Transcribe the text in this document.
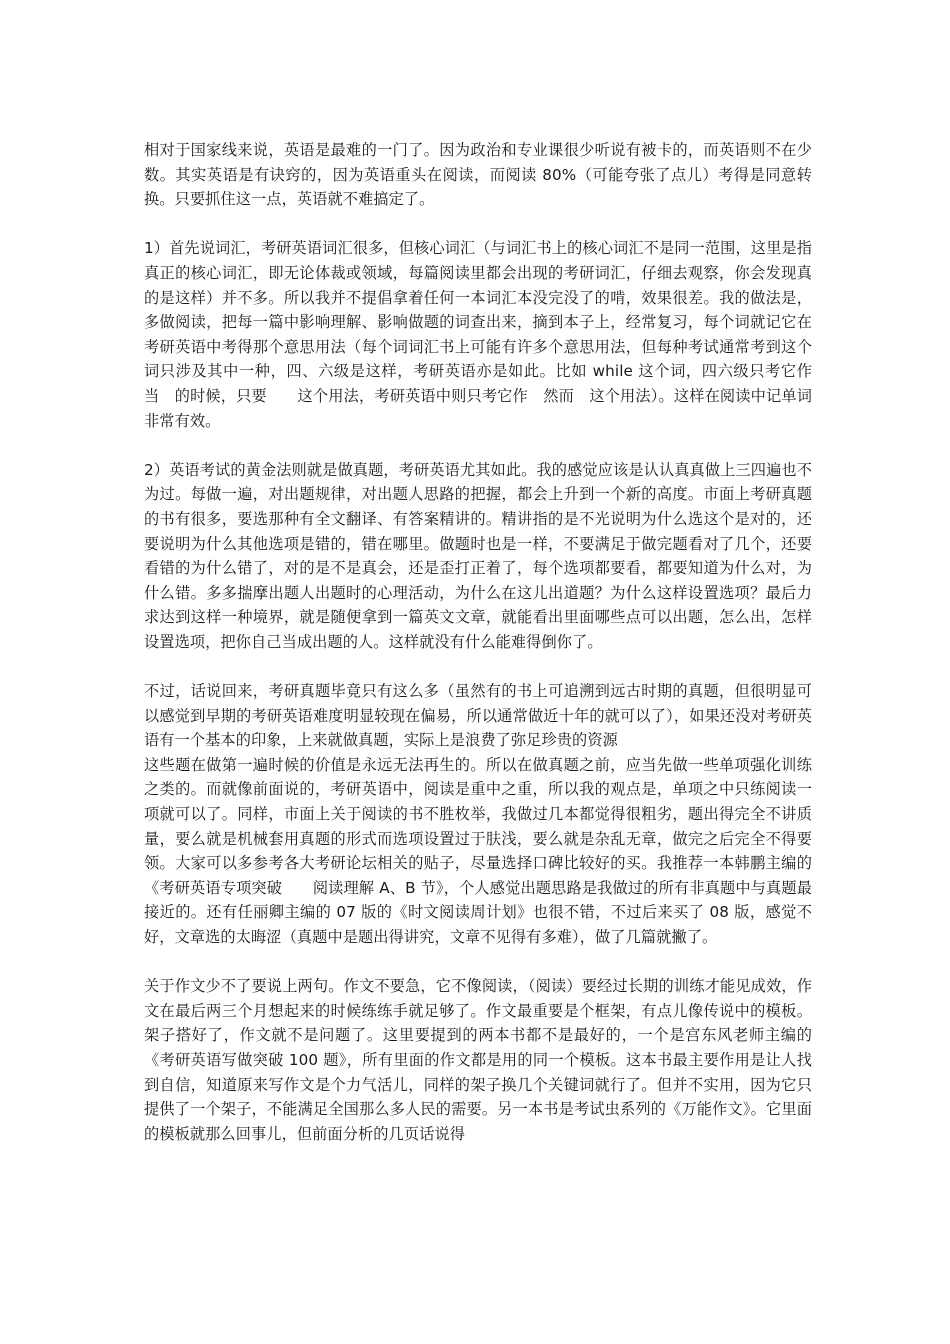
相对于国家线来说，英语是最难的一门了。因为政治和专业课很少听说有被卡的，而英语则不在少数。其实英语是有诀窍的，因为英语重头在阅读，而阅读 80%（可能夸张了点儿）考得是同意转换。只要抓住这一点，英语就不难搞定了。

1）首先说词汇，考研英语词汇很多，但核心词汇（与词汇书上的核心词汇不是同一范围，这里是指真正的核心词汇，即无论体裁或领域，每篇阅读里都会出现的考研词汇，仔细去观察，你会发现真的是这样）并不多。所以我并不提倡拿着任何一本词汇本没完没了的啃，效果很差。我的做法是，多做阅读，把每一篇中影响理解、影响做题的词查出来，摘到本子上，经常复习，每个词就记它在考研英语中考得那个意思用法（每个词词汇书上可能有许多个意思用法，但每种考试通常考到这个词只涉及其中一种，四、六级是这样，考研英语亦是如此。比如 while 这个词，四六级只考它作　当　的时候，只要　　这个用法，考研英语中则只考它作　然而　这个用法）。这样在阅读中记单词非常有效。

2）英语考试的黄金法则就是做真题，考研英语尤其如此。我的感觉应该是认认真真做上三四遍也不为过。每做一遍，对出题规律，对出题人思路的把握，都会上升到一个新的高度。市面上考研真题的书有很多，要选那种有全文翻译、有答案精讲的。精讲指的是不光说明为什么选这个是对的，还要说明为什么其他选项是错的，错在哪里。做题时也是一样，不要满足于做完题看对了几个，还要看错的为什么错了，对的是不是真会，还是歪打正着了，每个选项都要看，都要知道为什么对，为什么错。多多揣摩出题人出题时的心理活动，为什么在这儿出道题？为什么这样设置选项？最后力求达到这样一种境界，就是随便拿到一篇英文文章，就能看出里面哪些点可以出题，怎么出，怎样设置选项，把你自己当成出题的人。这样就没有什么能难得倒你了。

不过，话说回来，考研真题毕竟只有这么多（虽然有的书上可追溯到远古时期的真题，但很明显可以感觉到早期的考研英语难度明显较现在偏易，所以通常做近十年的就可以了），如果还没对考研英语有一个基本的印象，上来就做真题，实际上是浪费了弥足珍贵的资源

这些题在做第一遍时候的价值是永远无法再生的。所以在做真题之前，应当先做一些单项强化训练之类的。而就像前面说的，考研英语中，阅读是重中之重，所以我的观点是，单项之中只练阅读一项就可以了。同样，市面上关于阅读的书不胜枚举，我做过几本都觉得很粗劣，题出得完全不讲质量，要么就是机械套用真题的形式而选项设置过于肤浅，要么就是杂乱无章，做完之后完全不得要领。大家可以多参考各大考研论坛相关的贴子，尽量选择口碑比较好的买。我推荐一本韩鹏主编的《考研英语专项突破　　阅读理解 A、B 节》，个人感觉出题思路是我做过的所有非真题中与真题最接近的。还有任丽卿主编的 07 版的《时文阅读周计划》也很不错，不过后来买了 08 版，感觉不好，文章选的太晦涩（真题中是题出得讲究，文章不见得有多难），做了几篇就撇了。

关于作文少不了要说上两句。作文不要急，它不像阅读，（阅读）要经过长期的训练才能见成效，作文在最后两三个月想起来的时候练练手就足够了。作文最重要是个框架，有点儿像传说中的模板。架子搭好了，作文就不是问题了。这里要提到的两本书都不是最好的，一个是宫东风老师主编的《考研英语写做突破 100 题》，所有里面的作文都是用的同一个模板。这本书最主要作用是让人找到自信，知道原来写作文是个力气活儿，同样的架子换几个关键词就行了。但并不实用，因为它只提供了一个架子，不能满足全国那么多人民的需要。另一本书是考试虫系列的《万能作文》。它里面的模板就那么回事儿，但前面分析的几页话说得
